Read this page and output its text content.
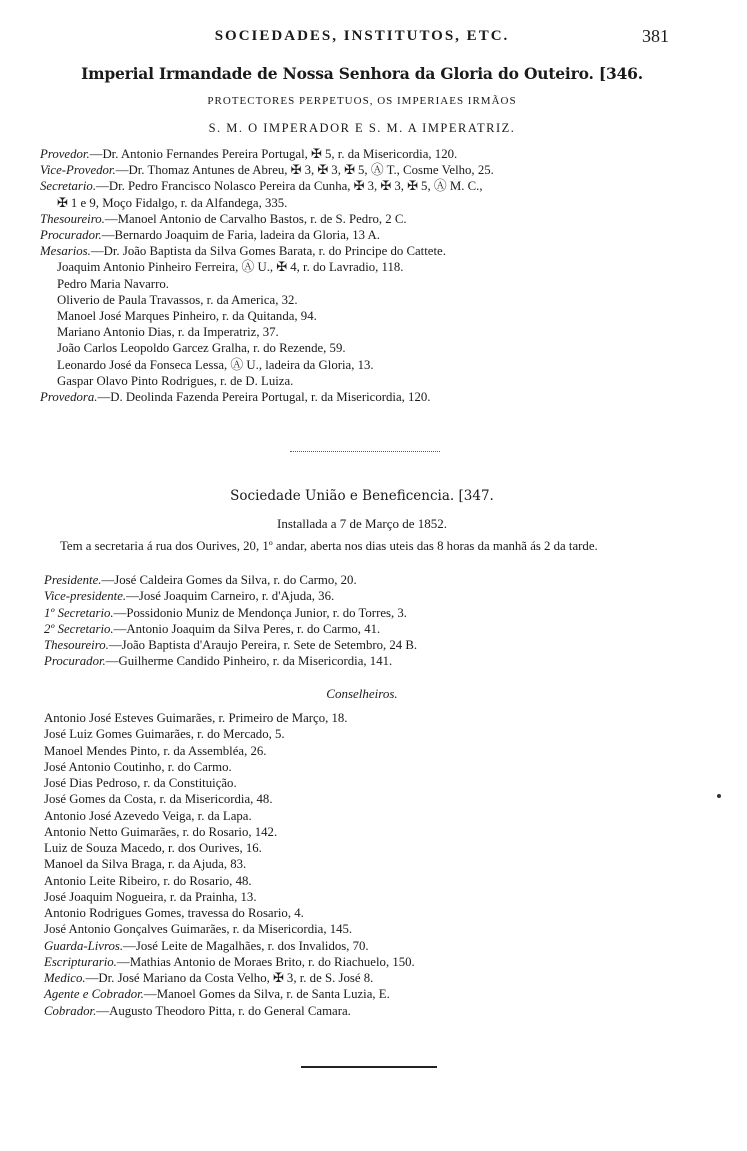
SOCIEDADES, INSTITUTOS, ETC.	381
Imperial Irmandade de Nossa Senhora da Gloria do Outeiro. [346.
PROTECTORES PERPETUOS, OS IMPERIAES IRMÃOS
S. M. O IMPERADOR E S. M. A IMPERATRIZ.
Provedor.—Dr. Antonio Fernandes Pereira Portugal, ✠ 5, r. da Misericordia, 120.
Vice-Provedor.—Dr. Thomaz Antunes de Abreu, ✠ 3, ✠ 3, ✠ 5, Ⓐ T., Cosme Velho, 25.
Secretario.—Dr. Pedro Francisco Nolasco Pereira da Cunha, ✠ 3, ✠ 3, ✠ 5, Ⓐ M. C.,
✠ 1 e 9, Moço Fidalgo, r. da Alfandega, 335.
Thesoureiro.—Manoel Antonio de Carvalho Bastos, r. de S. Pedro, 2 C.
Procurador.—Bernardo Joaquim de Faria, ladeira da Gloria, 13 A.
Mesarios.—Dr. João Baptista da Silva Gomes Barata, r. do Principe do Cattete.
Joaquim Antonio Pinheiro Ferreira, Ⓐ U., ✠ 4, r. do Lavradio, 118.
Pedro Maria Navarro.
Oliverio de Paula Travassos, r. da America, 32.
Manoel José Marques Pinheiro, r. da Quitanda, 94.
Mariano Antonio Dias, r. da Imperatriz, 37.
João Carlos Leopoldo Garcez Gralha, r. do Rezende, 59.
Leonardo José da Fonseca Lessa, Ⓐ U., ladeira da Gloria, 13.
Gaspar Olavo Pinto Rodrigues, r. de D. Luiza.
Provedora.—D. Deolinda Fazenda Pereira Portugal, r. da Misericordia, 120.
Sociedade União e Beneficencia. [347.
Installada a 7 de Março de 1852.
Tem a secretaria á rua dos Ourives, 20, 1º andar, aberta nos dias uteis das 8 horas da manhã ás 2 da tarde.
Presidente.—José Caldeira Gomes da Silva, r. do Carmo, 20.
Vice-presidente.—José Joaquim Carneiro, r. d'Ajuda, 36.
1º Secretario.—Possidonio Muniz de Mendonça Junior, r. do Torres, 3.
2º Secretario.—Antonio Joaquim da Silva Peres, r. do Carmo, 41.
Thesoureiro.—João Baptista d'Araujo Pereira, r. Sete de Setembro, 24 B.
Procurador.—Guilherme Candido Pinheiro, r. da Misericordia, 141.
Conselheiros.
Antonio José Esteves Guimarães, r. Primeiro de Março, 18.
José Luiz Gomes Guimarães, r. do Mercado, 5.
Manoel Mendes Pinto, r. da Assembléa, 26.
José Antonio Coutinho, r. do Carmo.
José Dias Pedroso, r. da Constituição.
José Gomes da Costa, r. da Misericordia, 48.
Antonio José Azevedo Veiga, r. da Lapa.
Antonio Netto Guimarães, r. do Rosario, 142.
Luiz de Souza Macedo, r. dos Ourives, 16.
Manoel da Silva Braga, r. da Ajuda, 83.
Antonio Leite Ribeiro, r. do Rosario, 48.
José Joaquim Nogueira, r. da Prainha, 13.
Antonio Rodrigues Gomes, travessa do Rosario, 4.
José Antonio Gonçalves Guimarães, r. da Misericordia, 145.
Guarda-Livros.—José Leite de Magalhães, r. dos Invalidos, 70.
Escripturario.—Mathias Antonio de Moraes Brito, r. do Riachuelo, 150.
Medico.—Dr. José Mariano da Costa Velho, ✠ 3, r. de S. José 8.
Agente e Cobrador.—Manoel Gomes da Silva, r. de Santa Luzia, E.
Cobrador.—Augusto Theodoro Pitta, r. do General Camara.
